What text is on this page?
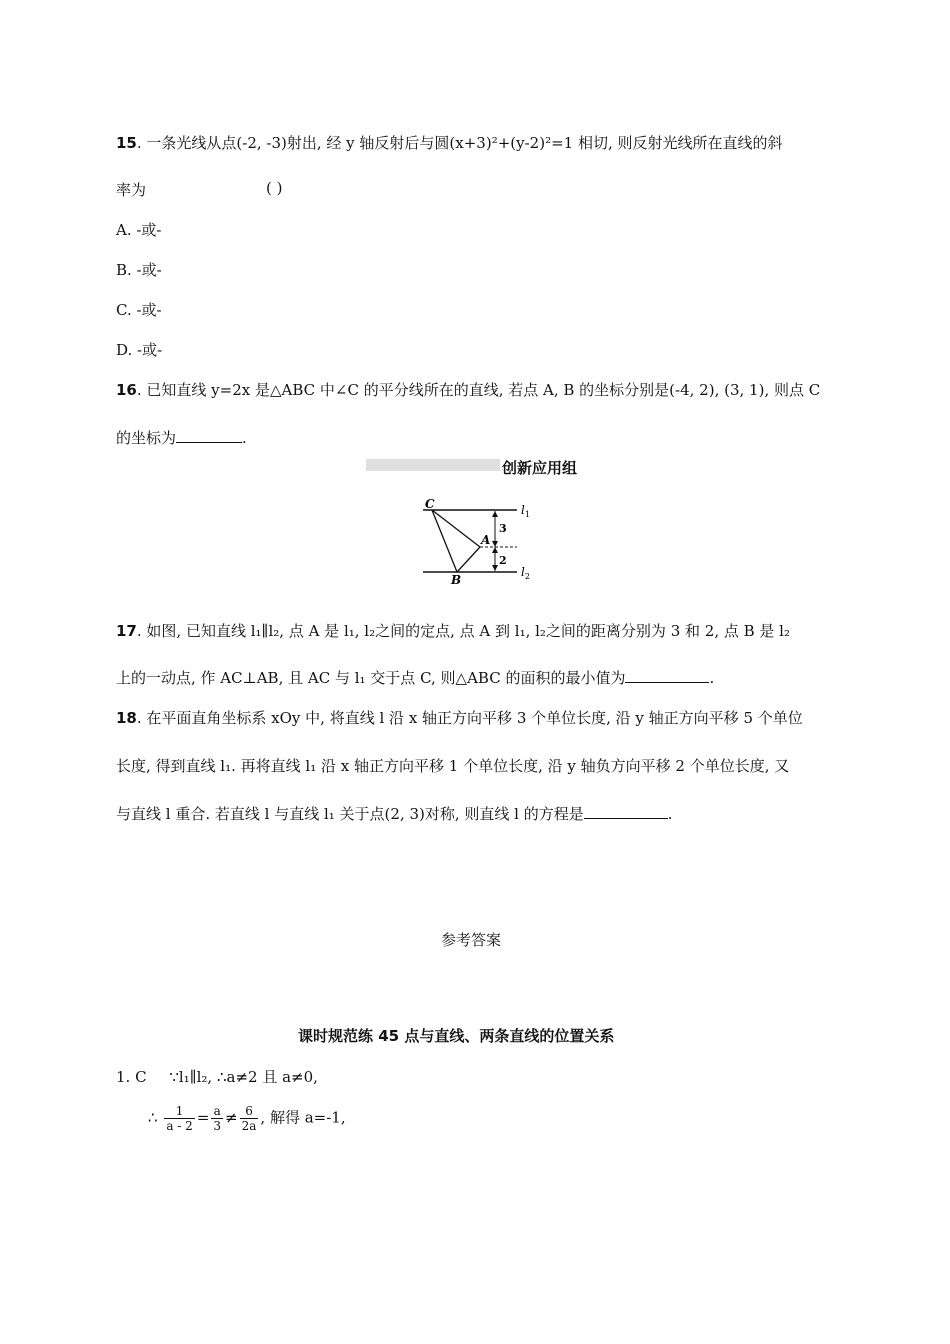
15. 一条光线从点(-2, -3)射出, 经 y 轴反射后与圆(x+3)²+(y-2)²=1 相切, 则反射光线所在直线的斜
率为	( )
A. -或-
B. -或-
C. -或-
D. -或-
16. 已知直线 y=2x 是△ABC 中∠C 的平分线所在的直线, 若点 A, B 的坐标分别是(-4, 2), (3, 1), 则点 C
的坐标为	.
创新应用组
C
A
B
3
2
$l_1$
$l_2$
17. 如图, 已知直线 l₁∥l₂, 点 A 是 l₁, l₂之间的定点, 点 A 到 l₁, l₂之间的距离分别为 3 和 2, 点 B 是 l₂
上的一动点, 作 AC⊥AB, 且 AC 与 l₁ 交于点 C, 则△ABC 的面积的最小值为	.
18. 在平面直角坐标系 xOy 中, 将直线 l 沿 x 轴正方向平移 3 个单位长度, 沿 y 轴正方向平移 5 个单位
长度, 得到直线 l₁. 再将直线 l₁ 沿 x 轴正方向平移 1 个单位长度, 沿 y 轴负方向平移 2 个单位长度, 又
与直线 l 重合. 若直线 l 与直线 l₁ 关于点(2, 3)对称, 则直线 l 的方程是	.
参考答案
课时规范练 45 点与直线、两条直线的位置关系
1. C ∵l₁∥l₂, ∴a≠2 且 a≠0,
∴ $\frac{1}{a - 2} = \frac{a}{3} \ne \frac{6}{2a}$ , 解得 a=-1,
